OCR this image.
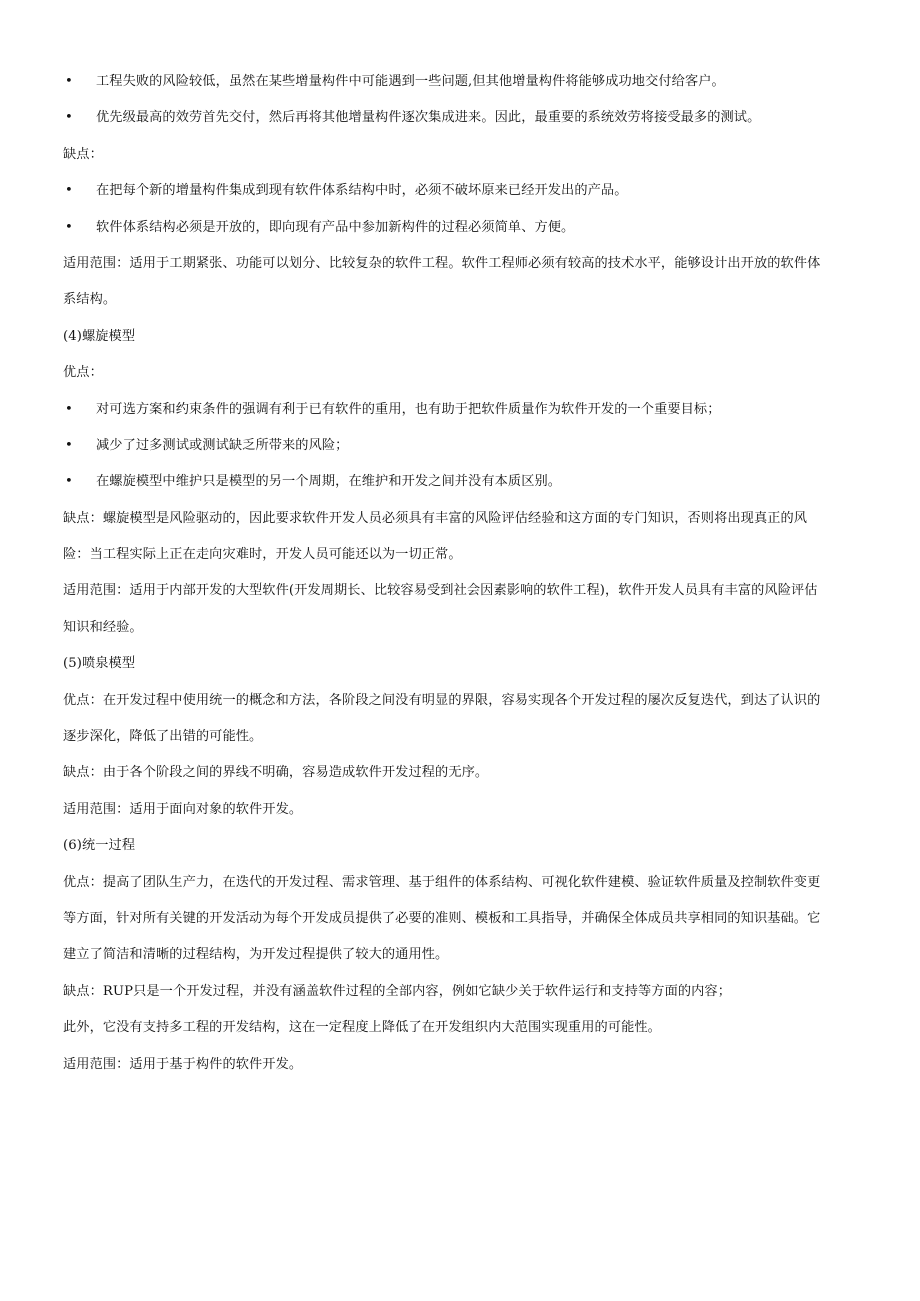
• 工程失败的风险较低，虽然在某些增量构件中可能遇到一些问题,但其他增量构件将能够成功地交付给客户。
• 优先级最高的效劳首先交付，然后再将其他增量构件逐次集成进来。因此，最重要的系统效劳将接受最多的测试。
缺点：
• 在把每个新的增量构件集成到现有软件体系结构中时，必须不破坏原来已经开发出的产品。
• 软件体系结构必须是开放的，即向现有产品中参加新构件的过程必须简单、方便。
适用范围：适用于工期紧张、功能可以划分、比较复杂的软件工程。软件工程师必须有较高的技术水平，能够设计出开放的软件体
系结构。
(4)螺旋模型
优点：
• 对可选方案和约束条件的强调有利于已有软件的重用，也有助于把软件质量作为软件开发的一个重要目标；
• 减少了过多测试或测试缺乏所带来的风险；
• 在螺旋模型中维护只是模型的另一个周期，在维护和开发之间并没有本质区别。
缺点：螺旋模型是风险驱动的，因此要求软件开发人员必须具有丰富的风险评估经验和这方面的专门知识，否则将出现真正的风
险：当工程实际上正在走向灾难时，开发人员可能还以为一切正常。
适用范围：适用于内部开发的大型软件(开发周期长、比较容易受到社会因素影响的软件工程)，软件开发人员具有丰富的风险评估
知识和经验。
(5)喷泉模型
优点：在开发过程中使用统一的概念和方法，各阶段之间没有明显的界限，容易实现各个开发过程的屡次反复迭代，到达了认识的
逐步深化，降低了出错的可能性。
缺点：由于各个阶段之间的界线不明确，容易造成软件开发过程的无序。
适用范围：适用于面向对象的软件开发。
(6)统一过程
优点：提高了团队生产力，在迭代的开发过程、需求管理、基于组件的体系结构、可视化软件建模、验证软件质量及控制软件变更
等方面，针对所有关键的开发活动为每个开发成员提供了必要的准则、模板和工具指导，并确保全体成员共享相同的知识基础。它
建立了简洁和清晰的过程结构，为开发过程提供了较大的通用性。
缺点：RUP只是一个开发过程，并没有涵盖软件过程的全部内容，例如它缺少关于软件运行和支持等方面的内容；
此外，它没有支持多工程的开发结构，这在一定程度上降低了在开发组织内大范围实现重用的可能性。
适用范围：适用于基于构件的软件开发。
